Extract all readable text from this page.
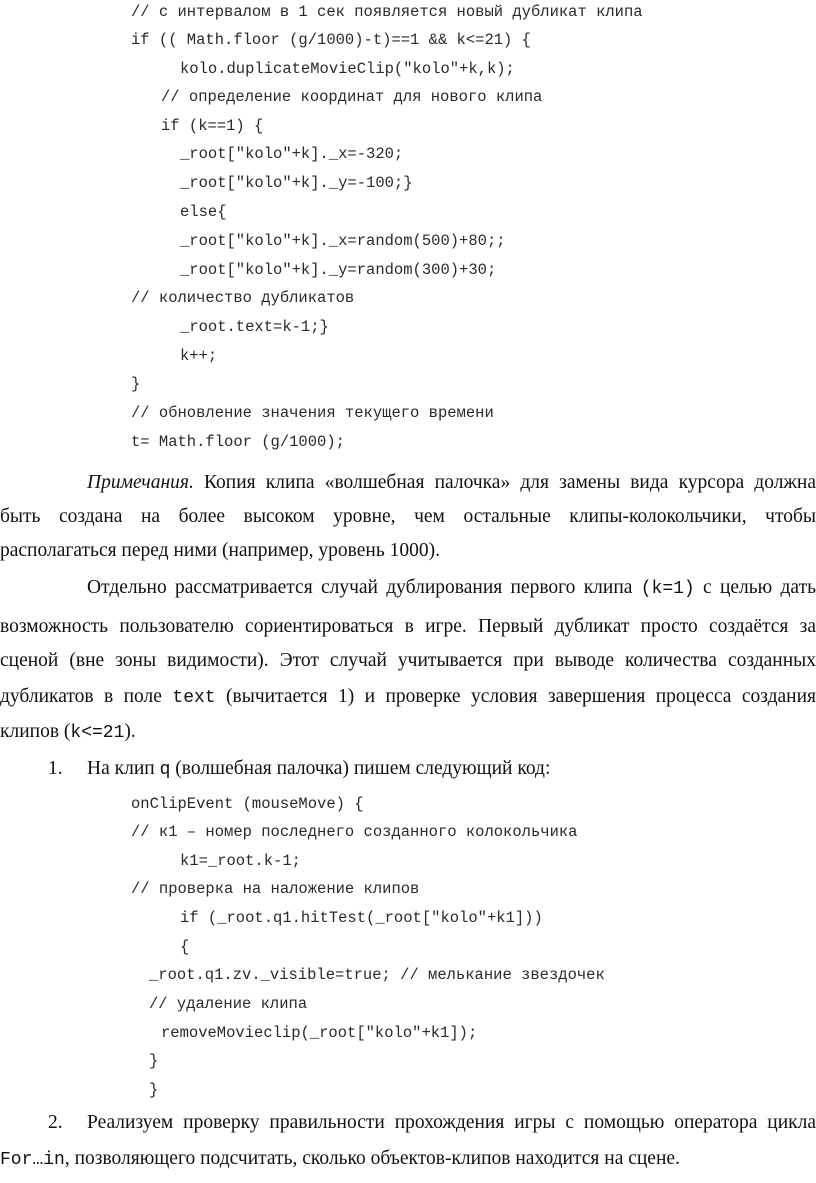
// с интервалом в 1 сек появляется новый дубликат клипа
if (( Math.floor (g/1000)-t)==1 && k<=21) {
kolo.duplicateMovieClip("kolo"+k,k);
// определение координат для нового клипа
if (k==1) {
_root["kolo"+k]._x=-320;
_root["kolo"+k]._y=-100;}
else{
_root["kolo"+k]._x=random(500)+80;;
_root["kolo"+k]._y=random(300)+30;
// количество дубликатов
_root.text=k-1;}
k++;
}
// обновление значения текущего времени
t= Math.floor (g/1000);
Примечания. Копия клипа «волшебная палочка» для замены вида курсора должна
быть создана на более высоком уровне, чем остальные клипы-колокольчики, чтобы
располагаться перед ними (например, уровень 1000).
Отдельно рассматривается случай дублирования первого клипа (k=1) с целью дать
возможность пользователю сориентироваться в игре. Первый дубликат просто создаётся за
сценой (вне зоны видимости). Этот случай учитывается при выводе количества созданных
дубликатов в поле text (вычитается 1) и проверке условия завершения процесса создания
клипов (k<=21).
1. На клип q (волшебная палочка) пишем следующий код:
onClipEvent (mouseMove) {
// к1 – номер последнего созданного колокольчика
k1=_root.k-1;
// проверка на наложение клипов
if (_root.q1.hitTest(_root["kolo"+k1]))
{
_root.q1.zv._visible=true; // мелькание звездочек
// удаление клипа
removeMovieclip(_root["kolo"+k1]);
}
}
2. Реализуем проверку правильности прохождения игры с помощью оператора цикла
For…in, позволяющего подсчитать, сколько объектов-клипов находится на сцене.
